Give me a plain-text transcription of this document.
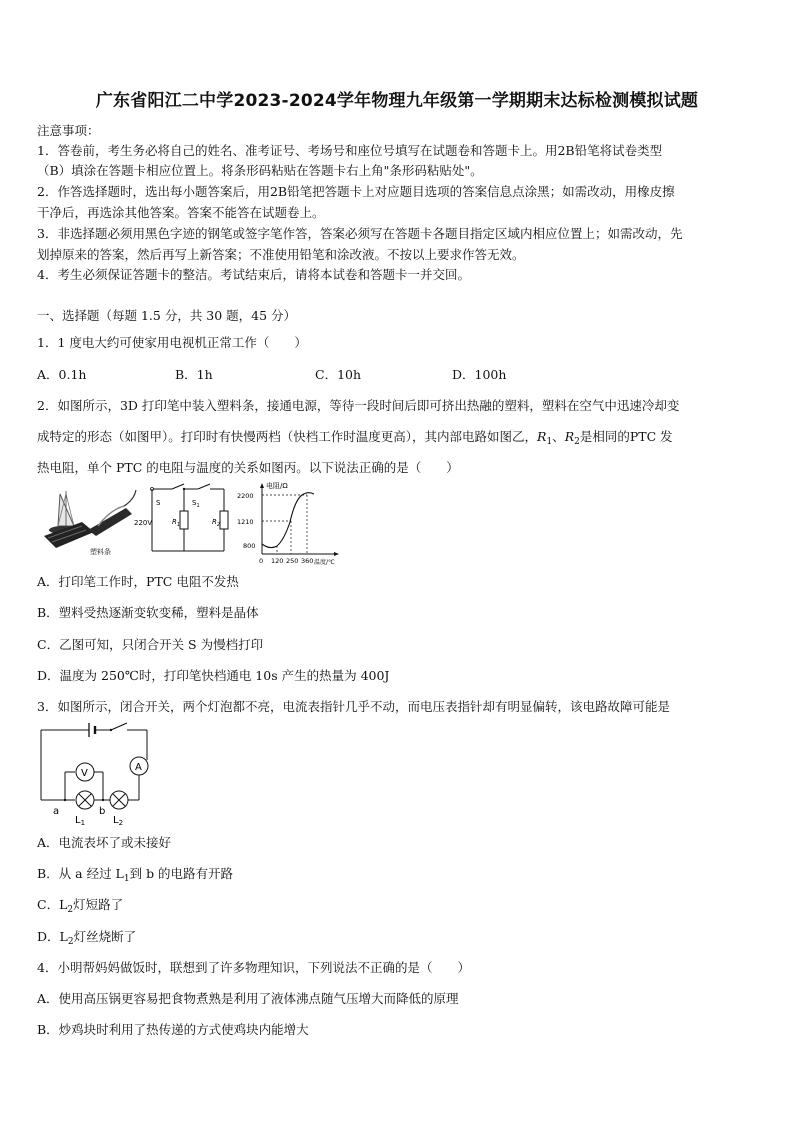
广东省阳江二中学2023-2024学年物理九年级第一学期期末达标检测模拟试题
注意事项：
1．答卷前，考生务必将自己的姓名、准考证号、考场号和座位号填写在试题卷和答题卡上。用2B铅笔将试卷类型
（B）填涂在答题卡相应位置上。将条形码粘贴在答题卡右上角"条形码粘贴处"。
2．作答选择题时，选出每小题答案后，用2B铅笔把答题卡上对应题目选项的答案信息点涂黑；如需改动，用橡皮擦
干净后，再选涂其他答案。答案不能答在试题卷上。
3．非选择题必须用黑色字迹的钢笔或签字笔作答，答案必须写在答题卡各题目指定区域内相应位置上；如需改动，先
划掉原来的答案，然后再写上新答案；不准使用铅笔和涂改液。不按以上要求作答无效。
4．考生必须保证答题卡的整洁。考试结束后，请将本试卷和答题卡一并交回。
一、选择题（每题 1.5 分，共 30 题，45 分）
1．1 度电大约可使家用电视机正常工作（　　）
A．0.1h	B．1h	C．10h	D．100h
2．如图所示，3D 打印笔中装入塑料条，接通电源，等待一段时间后即可挤出热融的塑料，塑料在空气中迅速冷却变
成特定的形态（如图甲）。打印时有快慢两档（快档工作时温度更高），其内部电路如图乙，$R_1$、$R_2$是相同的PTC 发
热电阻，单个 PTC 的电阻与温度的关系如图丙。以下说法正确的是（　　）
塑料条
S	$S_1$
$R_1$	$R_2$
220V
电阻/Ω
温度/℃
2200
1210
800
0 120 250 360
A．打印笔工作时，PTC 电阻不发热
B．塑料受热逐渐变软变稀，塑料是晶体
C．乙图可知，只闭合开关 S 为慢档打印
D．温度为 250℃时，打印笔快档通电 10s 产生的热量为 400J
3．如图所示，闭合开关，两个灯泡都不亮，电流表指针几乎不动，而电压表指针却有明显偏转，该电路故障可能是
A
V
a	b
$L_1$	$L_2$
A．电流表坏了或未接好
B．从 a 经过 $L_1$到 b 的电路有开路
C．$L_2$灯短路了
D．$L_2$灯丝烧断了
4．小明帮妈妈做饭时，联想到了许多物理知识，下列说法不正确的是（　　）
A．使用高压锅更容易把食物煮熟是利用了液体沸点随气压增大而降低的原理
B．炒鸡块时利用了热传递的方式使鸡块内能增大
